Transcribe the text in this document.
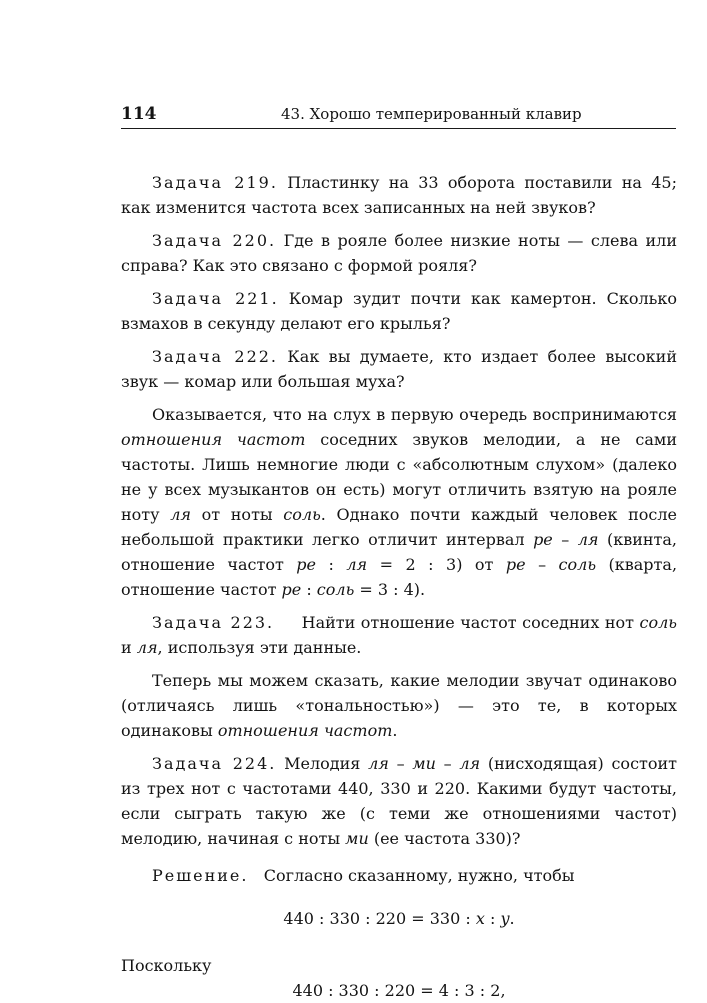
114	43. Хорошо темперированный клавир

Задача 219. Пластинку на 33 оборота поставили на 45; как изменится частота всех записанных на ней звуков?

Задача 220. Где в рояле более низкие ноты — слева или справа? Как это связано с формой рояля?

Задача 221. Комар зудит почти как камертон. Сколько взмахов в секунду делают его крылья?

Задача 222. Как вы думаете, кто издает более высокий звук — комар или большая муха?

Оказывается, что на слух в первую очередь воспринимаются отношения частот соседних звуков мелодии, а не сами частоты. Лишь немногие люди с «абсолютным слухом» (далеко не у всех музыкантов он есть) могут отличить взятую на рояле ноту ля от ноты соль. Однако почти каждый человек после небольшой практики легко отличит интервал ре – ля (квинта, отношение частот ре : ля = 2 : 3) от ре – соль (кварта, отношение частот ре : соль = 3 : 4).

Задача 223. Найти отношение частот соседних нот соль и ля, используя эти данные.

Теперь мы можем сказать, какие мелодии звучат одинаково (отличаясь лишь «тональностью») — это те, в которых одинаковы отношения частот.

Задача 224. Мелодия ля – ми – ля (нисходящая) состоит из трех нот с частотами 440, 330 и 220. Какими будут частоты, если сыграть такую же (с теми же отношениями частот) мелодию, начиная с ноты ми (ее частота 330)?

Решение. Согласно сказанному, нужно, чтобы

440 : 330 : 220 = 330 : x : y.

Поскольку

440 : 330 : 220 = 4 : 3 : 2,
